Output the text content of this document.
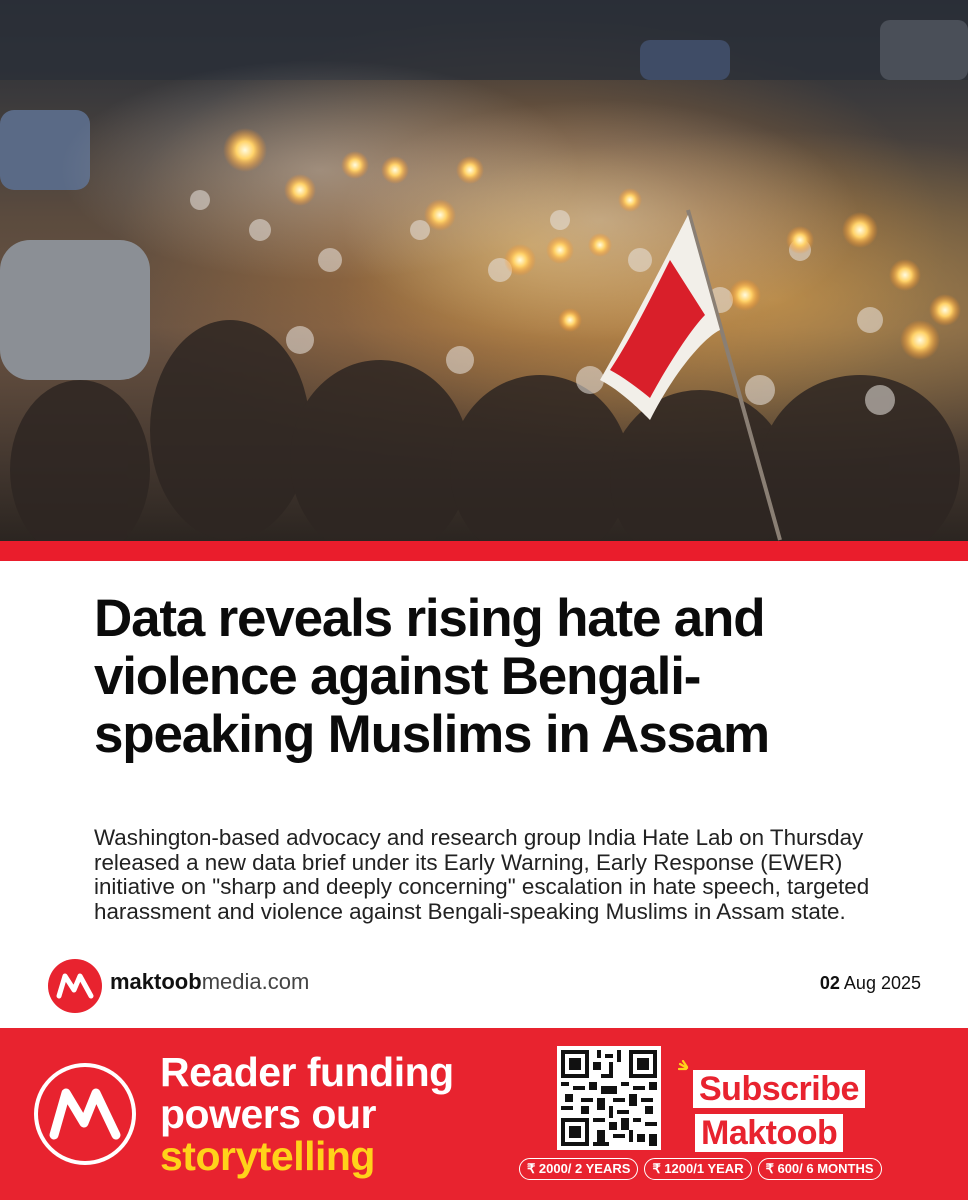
Data reveals rising hate and violence against Bengali-speaking Muslims in Assam

Washington-based advocacy and research group India Hate Lab on Thursday released a new data brief under its Early Warning, Early Response (EWER) initiative on "sharp and deeply concerning" escalation in hate speech, targeted harassment and violence against Bengali-speaking Muslims in Assam state.

maktoobmedia.com	02 Aug 2025
Reader funding
powers our
storytelling
Subscribe
Maktoob
₹ 2000/ 2 YEARS ₹ 1200/1 YEAR ₹ 600/ 6 MONTHS
